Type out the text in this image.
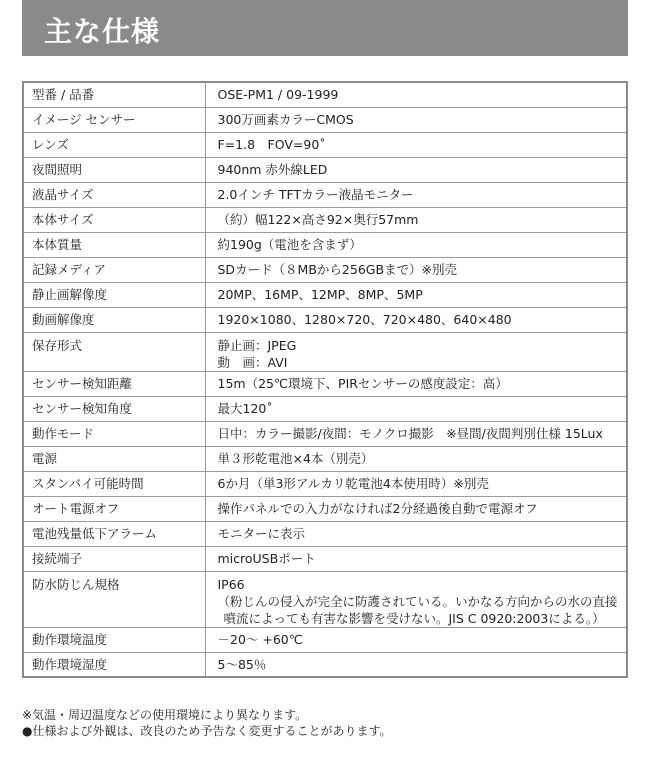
主な仕様
型番 / 品番	OSE-PM1 / 09-1999

イメージ センサー	300万画素カラーCMOS

レンズ	F=1.8　FOV=90˚

夜間照明	940nm 赤外線LED

液晶サイズ	2.0インチ TFTカラー液晶モニター

本体サイズ	（約）幅122×高さ92×奥行57mm

本体質量	約190g（電池を含まず）

記録メディア	SDカード（８MBから256GBまで）※別売

静止画解像度	20MP、16MP、12MP、8MP、5MP

動画解像度	1920×1080、1280×720、720×480、640×480

保存形式	静止画：JPEG
動　画：AVI

センサー検知距離	15m（25℃環境下、PIRセンサーの感度設定：高）

センサー検知角度	最大120˚

動作モード	日中：カラー撮影/夜間：モノクロ撮影　※昼間/夜間判別仕様 15Lux

電源	単３形乾電池×4本（別売）

スタンバイ可能時間	6か月（単3形アルカリ乾電池4本使用時）※別売

オート電源オフ	操作パネルでの入力がなければ2分経過後自動で電源オフ

電池残量低下アラーム	モニターに表示

接続端子	microUSBポート

防水防じん規格	IP66
（粉じんの侵入が完全に防護されている。いかなる方向からの水の直接
噴流によっても有害な影響を受けない。JIS C 0920:2003による。）

動作環境温度	－20～ +60℃

動作環境湿度	5～85％
※気温・周辺温度などの使用環境により異なります。
●仕様および外観は、改良のため予告なく変更することがあります。
